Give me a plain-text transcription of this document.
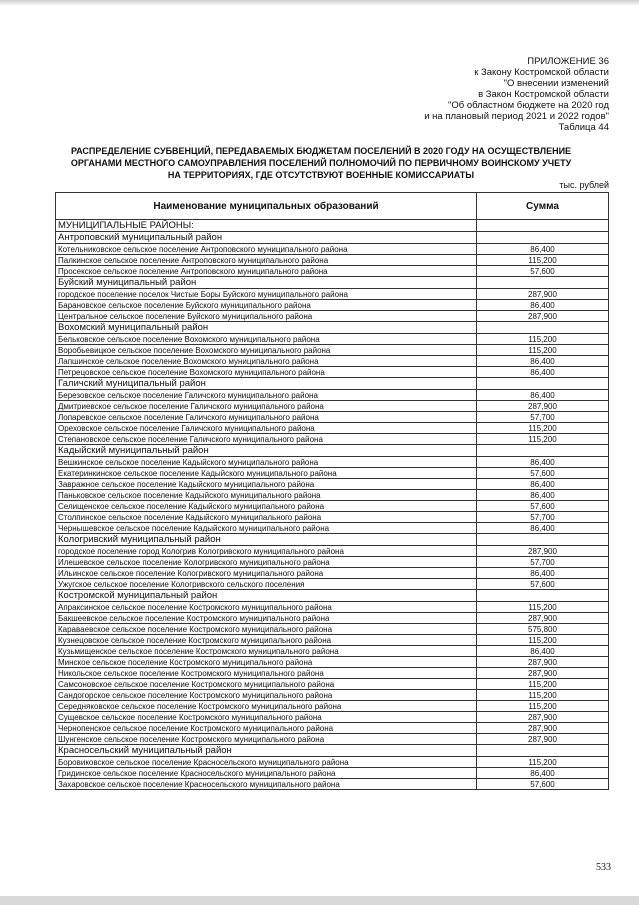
ПРИЛОЖЕНИЕ 36
к Закону Костромской области
"О внесении изменений
в Закон Костромской области
"Об областном бюджете на 2020 год
и на плановый период 2021 и 2022 годов"
Таблица 44
РАСПРЕДЕЛЕНИЕ СУБВЕНЦИЙ, ПЕРЕДАВАЕМЫХ БЮДЖЕТАМ ПОСЕЛЕНИЙ В 2020 ГОДУ НА ОСУЩЕСТВЛЕНИЕ
ОРГАНАМИ МЕСТНОГО САМОУПРАВЛЕНИЯ ПОСЕЛЕНИЙ ПОЛНОМОЧИЙ ПО ПЕРВИЧНОМУ ВОИНСКОМУ УЧЕТУ
НА ТЕРРИТОРИЯХ, ГДЕ ОТСУТСТВУЮТ ВОЕННЫЕ КОМИССАРИАТЫ
тыс. рублей
Наименование муниципальных образований	Сумма
МУНИЦИПАЛЬНЫЕ РАЙОНЫ:	
Антроповский муниципальный район	
Котельниковское сельское поселение Антроповского муниципального района	86,400
Палкинское сельское поселение Антроповского муниципального района	115,200
Просекское сельское поселение Антроповского муниципального района	57,600
Буйский муниципальный район	
городское поселение поселок Чистые Боры Буйского муниципального района	287,900
Барановское сельское поселение Буйского муниципального района	86,400
Центральное сельское поселение Буйского муниципального района	287,900
Вохомский муниципальный район	
Бельковское сельское поселение Вохомского муниципального района	115,200
Воробьевицкое сельское поселение Вохомского муниципального района	115,200
Лапшинское сельское поселение Вохомского муниципального района	86,400
Петрецовское сельское поселение Вохомского муниципального района	86,400
Галичский муниципальный район	
Березовское сельское поселение Галичского муниципального района	86,400
Дмитриевское сельское поселение Галичского муниципального района	287,900
Лопаревское сельское поселение Галичского муниципального района	57,700
Ореховское сельское поселение Галичского муниципального района	115,200
Степановское сельское поселение Галичского муниципального района	115,200
Кадыйский муниципальный район	
Вешкинское сельское поселение Кадыйского муниципального района	86,400
Екатеринкинское сельское поселение Кадыйского муниципального района	57,600
Завражное сельское поселение Кадыйского муниципального района	86,400
Паньковское сельское поселение Кадыйского муниципального района	86,400
Селищенское сельское поселение Кадыйского муниципального района	57,600
Столпинское сельское поселение Кадыйского муниципального района	57,700
Чернышевское сельское поселение Кадыйского муниципального района	86,400
Кологривский муниципальный район	
городское поселение город Кологрив Кологривского муниципального района	287,900
Илешевское сельское поселение Кологривского муниципального района	57,700
Ильинское сельское поселение Кологривского муниципального района	86,400
Ужугское сельское поселение Кологривского сельского поселения	57,600
Костромской муниципальный район	
Апраксинское сельское поселение Костромского муниципального района	115,200
Бакшеевское сельское поселение Костромского муниципального района	287,900
Караваевское сельское поселение Костромского муниципального района	575,800
Кузнецовское сельское поселение Костромского муниципального района	115,200
Кузьмищенское сельское поселение Костромского муниципального района	86,400
Минское сельское поселение Костромского муниципального района	287,900
Никольское сельское поселение Костромского муниципального района	287,900
Самсоновское сельское поселение Костромского муниципального района	115,200
Сандогорское сельское поселение Костромского муниципального района	115,200
Середняковское сельское поселение Костромского муниципального района	115,200
Сущевское сельское поселение Костромского муниципального района	287,900
Чернопенское сельское поселение Костромского муниципального района	287,900
Шунгенское сельское поселение Костромского муниципального района	287,900
Красносельский муниципальный район	
Боровиковское сельское поселение Красносельского муниципального района	115,200
Гридинское сельское поселение Красносельского муниципального района	86,400
Захаровское сельское поселение Красносельского муниципального района	57,600
533
